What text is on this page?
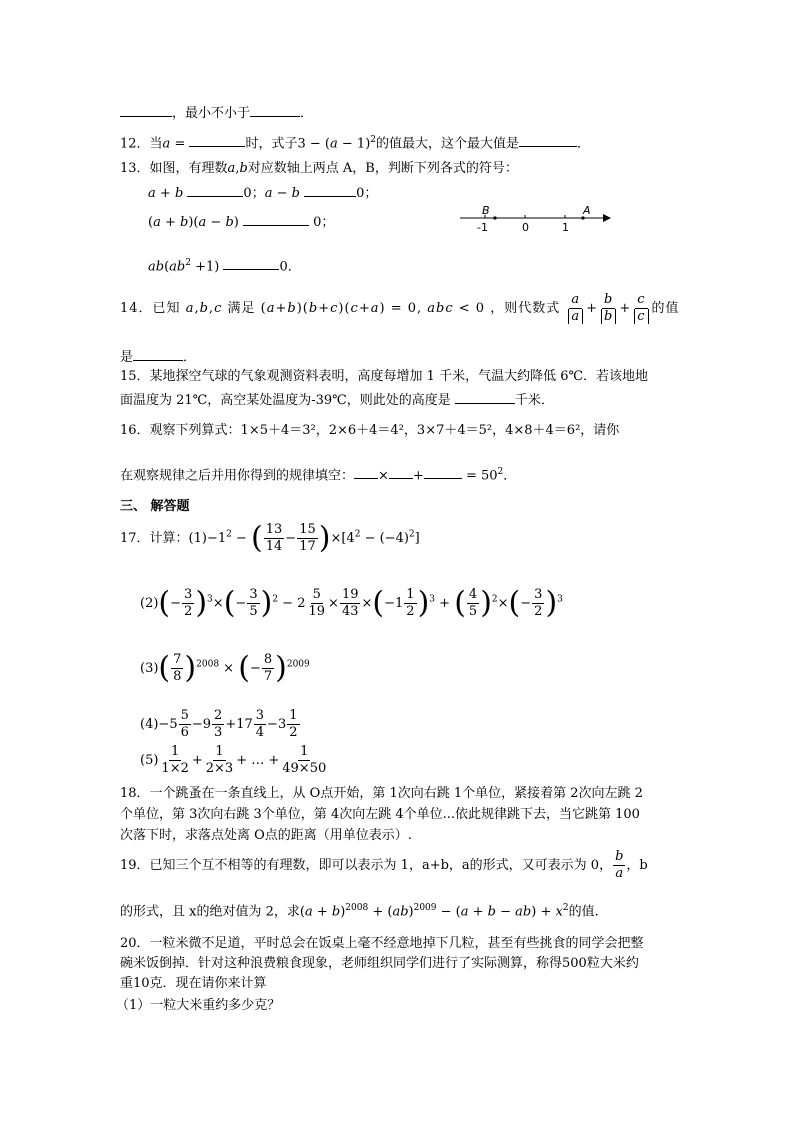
，最小不小于	．
12．当a =	时，式子$3 - (a - 1)^2$的值最大，这个最大值是	．
13．如图，有理数a,b对应数轴上两点 A，B，判断下列各式的符号：
a + b	0；a − b	0；
(a + b)(a − b)	0；
B	A
-1	0	1
$ab(ab^2 +1)$	0．
14．已知 a,b,c 满足 (a+b)(b+c)(c+a) = 0, abc < 0 ，则代数式 $\frac{a}{a} + \frac{b}{b} + \frac{c}{c}$ 的值
是	．
15．某地探空气球的气象观测资料表明，高度每增加 1 千米，气温大约降低 6℃．若该地地
面温度为 21℃，高空某处温度为-39℃，则此处的高度是	千米．
16．观察下列算式：1×5＋4＝3²，2×6＋4＝4²，3×7＋4＝5²，4×8＋4＝6²，请你
在观察规律之后并用你得到的规律填空： × +	= $50^2$．
三、 解答题
17．计算：$(1)-1^2$ − ( $\frac{13}{14} - \frac{15}{17} )\times[4^2 - (-4)^2]$
$(2)(- \frac{3}{2} )^3\times(- \frac{3}{5} )^2 - 2 \frac{5}{19} \times \frac{19}{43} \times(-1 \frac{1}{2} )^3$ + ( $\frac{4}{5} )^2\times(- \frac{3}{2} )^3$
$(3)( \frac{7}{8} )^{2008}$ × (− $\frac{8}{7} )^{2009}$
$(4)-5 \frac{5}{6} -9 \frac{2}{3} +17 \frac{3}{4} -3 \frac{1}{2}$
$(5) \frac{1}{1\times 2} + \frac{1}{2\times 3}$ + … + $\frac{1}{49\times 50}$
18．一个跳蚤在一条直线上，从 O点开始，第 1次向右跳 1个单位，紧接着第 2次向左跳 2
个单位，第 3次向右跳 3个单位，第 4次向左跳 4个单位...依此规律跳下去，当它跳第 100
次落下时，求落点处离 O点的距离（用单位表示）.
19．已知三个互不相等的有理数，即可以表示为 1，a+b，a的形式，又可表示为 0， $\frac{b}{a}$ ，b
的形式，且 x的绝对值为 2，求$(a + b)^{2008} + (ab)^{2009} - (a + b - ab) + x^2$的值.
20．一粒米微不足道，平时总会在饭桌上毫不经意地掉下几粒，甚至有些挑食的同学会把整
碗米饭倒掉．针对这种浪费粮食现象，老师组织同学们进行了实际测算，称得500粒大米约
重10克．现在请你来计算
（1）一粒大米重约多少克？
